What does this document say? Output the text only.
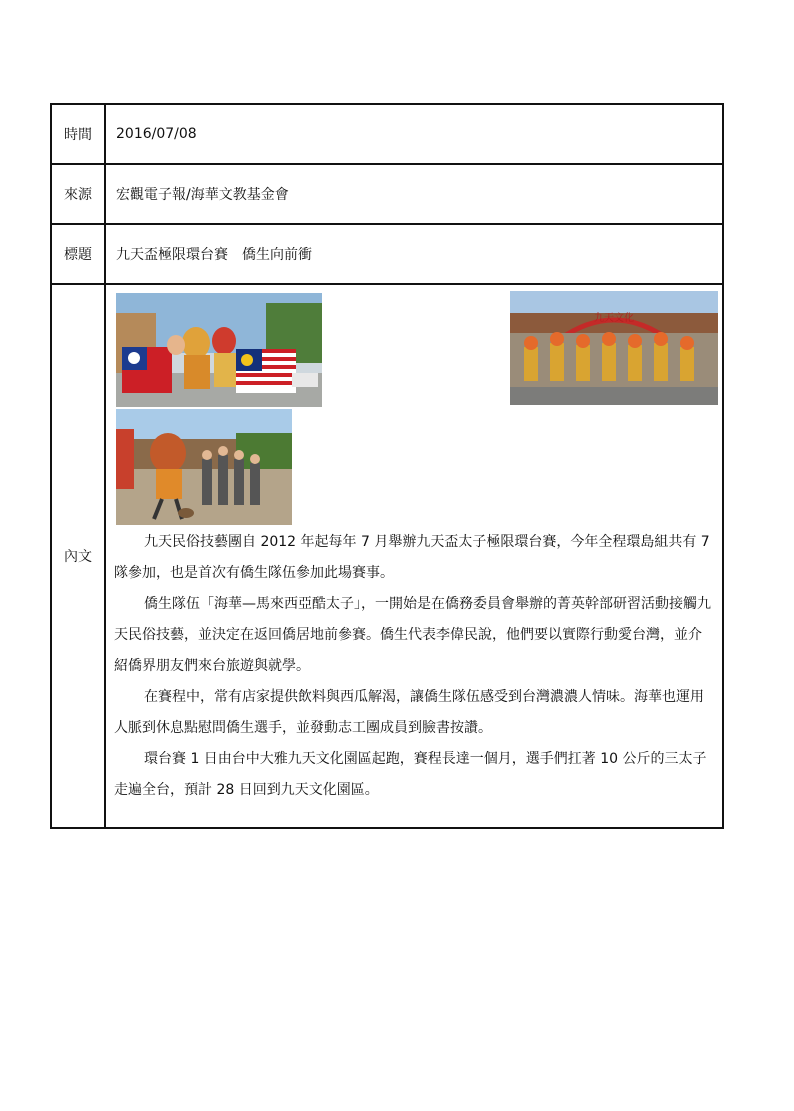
時間	2016/07/08
來源	宏觀電子報/海華文教基金會
標題	九天盃極限環台賽　僑生向前衝
內文	九天文化

九天民俗技藝團自 2012 年起每年 7 月舉辦九天盃太子極限環台賽，今年全程環島組共有 7 隊參加，也是首次有僑生隊伍參加此場賽事。

僑生隊伍「海華—馬來西亞酷太子」，一開始是在僑務委員會舉辦的菁英幹部研習活動接觸九天民俗技藝，並決定在返回僑居地前參賽。僑生代表李偉民說，他們要以實際行動愛台灣，並介紹僑界朋友們來台旅遊與就學。

在賽程中，常有店家提供飲料與西瓜解渴，讓僑生隊伍感受到台灣濃濃人情味。海華也運用人脈到休息點慰問僑生選手，並發動志工團成員到臉書按讚。

環台賽 1 日由台中大雅九天文化園區起跑，賽程長達一個月，選手們扛著 10 公斤的三太子走遍全台，預計 28 日回到九天文化園區。
